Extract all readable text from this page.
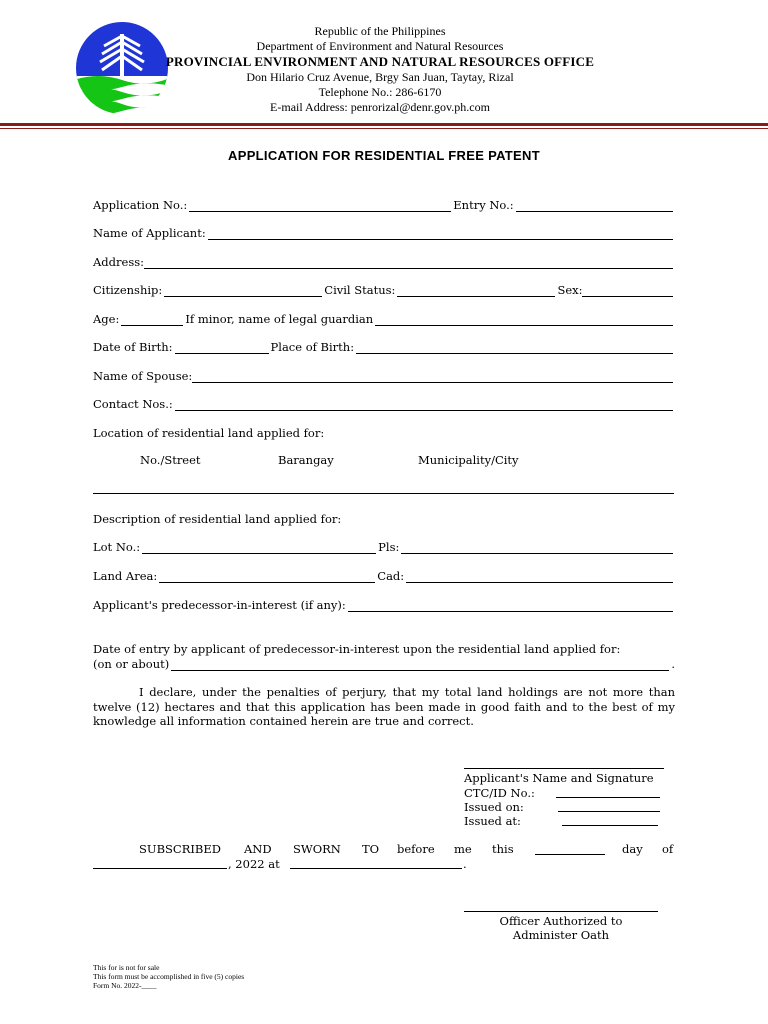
Republic of the Philippines
Department of Environment and Natural Resources
PROVINCIAL ENVIRONMENT AND NATURAL RESOURCES OFFICE
Don Hilario Cruz Avenue, Brgy San Juan, Taytay, Rizal
Telephone No.: 286-6170
E-mail Address: penrorizal@denr.gov.ph.com
APPLICATION FOR RESIDENTIAL FREE PATENT
Application No.:	Entry No.:
Name of Applicant:
Address:
Citizenship:	Civil Status:	Sex:
Age:	If minor, name of legal guardian
Date of Birth:	Place of Birth:
Name of Spouse:
Contact Nos.:
Location of residential land applied for:
No./Street	Barangay	Municipality/City
Description of residential land applied for:
Lot No.:	Pls:
Land Area:	Cad:
Applicant's predecessor-in-interest (if any):
Date of entry by applicant of predecessor-in-interest upon the residential land applied for:
(on or about)	.
I declare, under the penalties of perjury, that my total land holdings are not more than twelve (12) hectares and that this application has been made in good faith and to the best of my knowledge all information contained herein are true and correct.
Applicant's Name and Signature
CTC/ID No.:
Issued on:
Issued at:
SUBSCRIBED AND SWORN TO before me this	day of
, 2022 at	.
Officer Authorized to
Administer Oath
This for is not for sale
This form must be accomplished in five (5) copies
Form No. 2022-____
